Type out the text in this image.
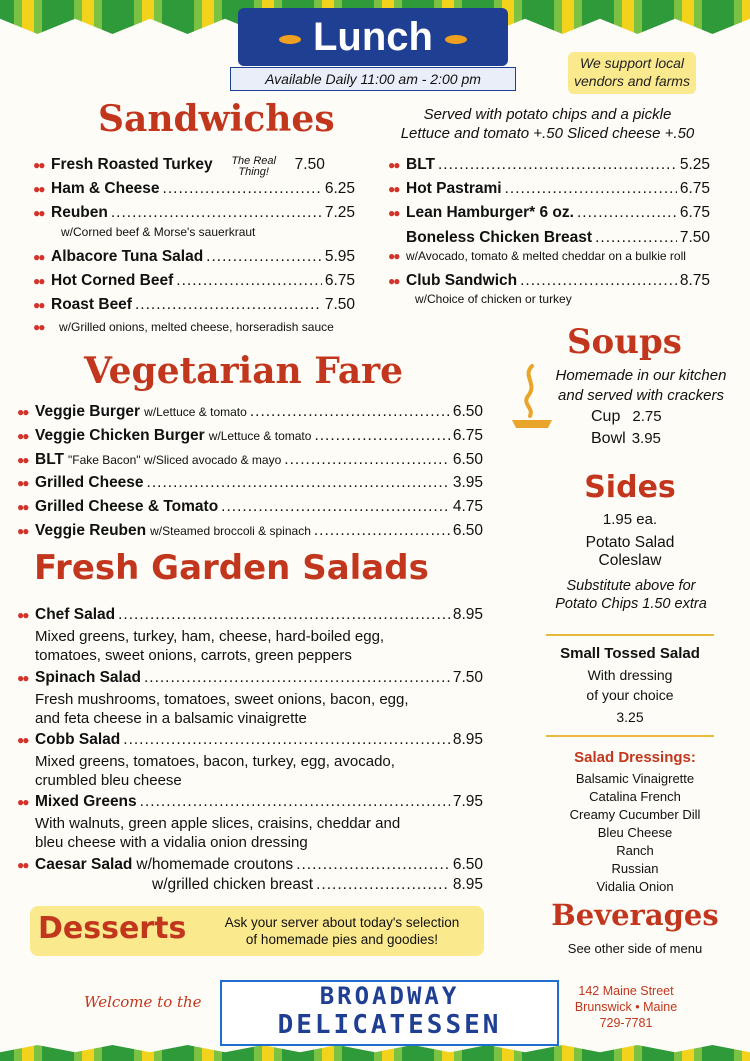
Lunch
Available Daily 11:00 am - 2:00 pm
We support local vendors and farms
Sandwiches	Served with potato chips and a pickle
Lettuce and tomato +.50 Sliced cheese +.50
●● Fresh Roasted Turkey	The Real Thing!	7.50
●● Ham & Cheese .....	6.25
●● Reuben .....	7.25
w/Corned beef & Morse's sauerkraut
●● Albacore Tuna Salad .....	5.95
●● Hot Corned Beef .....	6.75
●● Roast Beef .....	7.50
●●	w/Grilled onions, melted cheese, horseradish sauce
●● BLT .....	5.25
●● Hot Pastrami .....	6.75
●● Lean Hamburger* 6 oz. .....	6.75
Boneless Chicken Breast .....	7.50
●● w/Avocado, tomato & melted cheddar on a bulkie roll
●● Club Sandwich .....	8.75
w/Choice of chicken or turkey
Vegetarian Fare
●● Veggie Burger w/Lettuce & tomato .....	6.50
●● Veggie Chicken Burger w/Lettuce & tomato .....	6.75
●● BLT "Fake Bacon" w/Sliced avocado & mayo .....	6.50
●● Grilled Cheese .....	3.95
●● Grilled Cheese & Tomato .....	4.75
●● Veggie Reuben w/Steamed broccoli & spinach .....	6.50
Fresh Garden Salads
●● Chef Salad .....	8.95
Mixed greens, turkey, ham, cheese, hard-boiled egg,
tomatoes, sweet onions, carrots, green peppers
●● Spinach Salad .....	7.50
Fresh mushrooms, tomatoes, sweet onions, bacon, egg,
and feta cheese in a balsamic vinaigrette
●● Cobb Salad .....	8.95
Mixed greens, tomatoes, bacon, turkey, egg, avocado,
crumbled bleu cheese
●● Mixed Greens .....	7.95
With walnuts, green apple slices, craisins, cheddar and
bleu cheese with a vidalia onion dressing
●● Caesar Salad w/homemade croutons .....	6.50
w/grilled chicken breast .....	8.95
Desserts	Ask your server about today's selection
of homemade pies and goodies!
Soups
Homemade in our kitchen
and served with crackers
Cup 2.75
Bowl 3.95
Sides
1.95 ea.
Potato Salad
Coleslaw
Substitute above for
Potato Chips 1.50 extra
Small Tossed Salad
With dressing
of your choice
3.25
Salad Dressings:
Balsamic Vinaigrette
Catalina French
Creamy Cucumber Dill
Bleu Cheese
Ranch
Russian
Vidalia Onion
Beverages
See other side of menu
Welcome to the	BROADWAY
DELICATESSEN
142 Maine Street
Brunswick • Maine
729-7781
